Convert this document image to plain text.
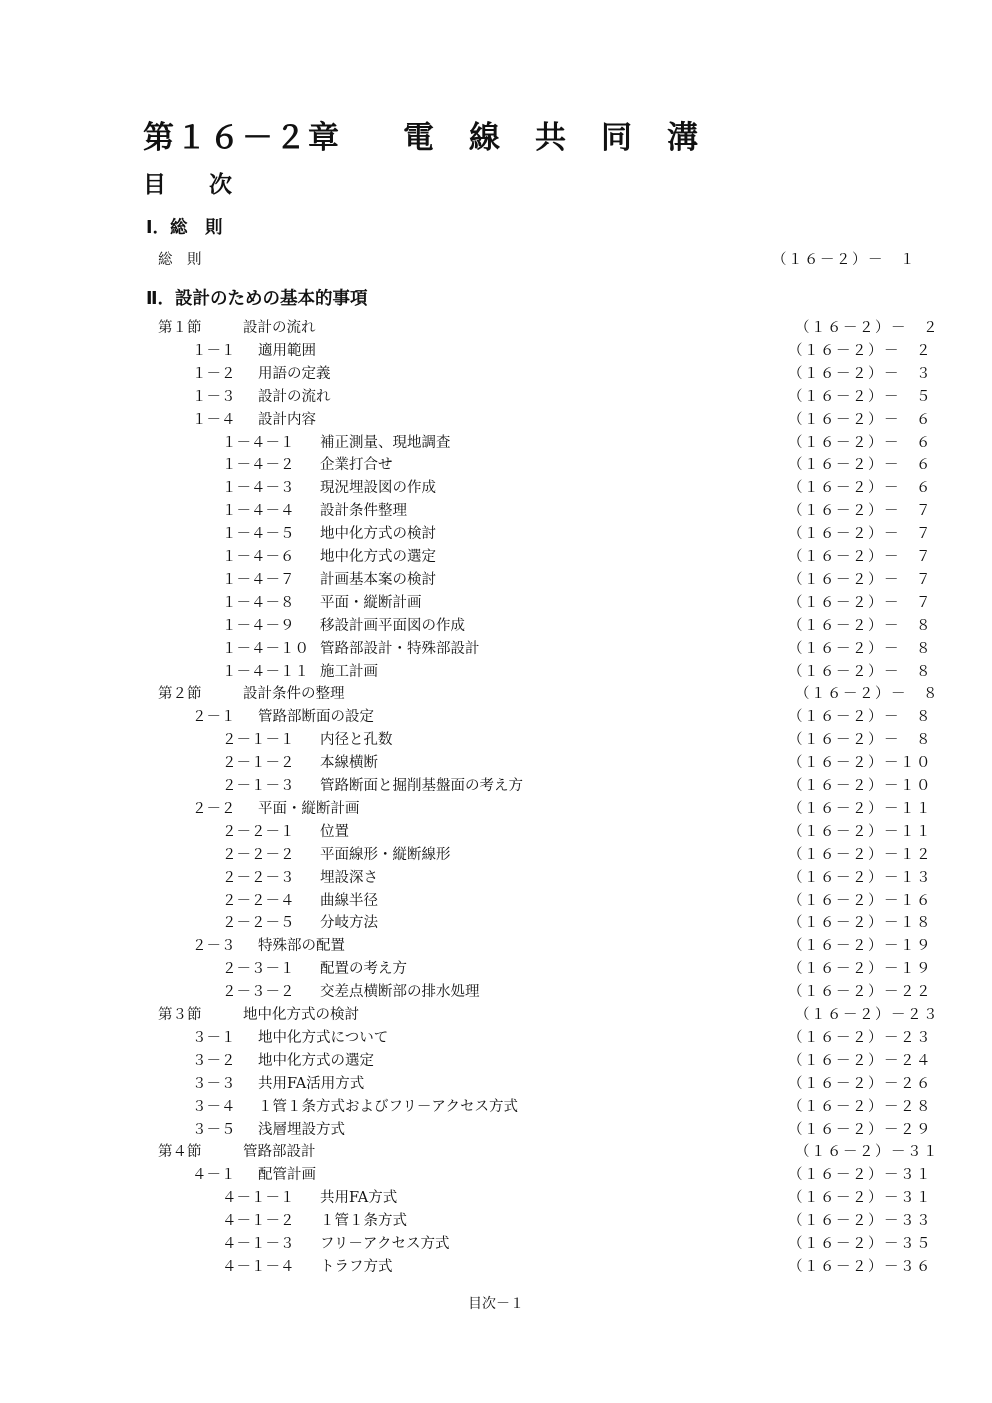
第１６－２章 電　線　共　同　溝
目　次
Ⅰ．総　則
Ⅱ．設計のための基本的事項
総　則	（１６－２）－　１
第１節	設計の流れ	（１６－２）－　２
１－１ 適用範囲	（１６－２）－　２
１－２ 用語の定義	（１６－２）－　３
１－３ 設計の流れ	（１６－２）－　５
１－４ 設計内容	（１６－２）－　６
１－４－１ 補正測量、現地調査	（１６－２）－　６
１－４－２ 企業打合せ	（１６－２）－　６
１－４－３ 現況埋設図の作成	（１６－２）－　６
１－４－４ 設計条件整理	（１６－２）－　７
１－４－５ 地中化方式の検討	（１６－２）－　７
１－４－６ 地中化方式の選定	（１６－２）－　７
１－４－７ 計画基本案の検討	（１６－２）－　７
１－４－８ 平面・縦断計画	（１６－２）－　７
１－４－９ 移設計画平面図の作成	（１６－２）－　８
１－４－１０ 管路部設計・特殊部設計	（１６－２）－　８
１－４－１１ 施工計画	（１６－２）－　８
第２節	設計条件の整理	（１６－２）－　８
２－１ 管路部断面の設定	（１６－２）－　８
２－１－１ 内径と孔数	（１６－２）－　８
２－１－２ 本線横断	（１６－２）－１０
２－１－３ 管路断面と掘削基盤面の考え方	（１６－２）－１０
２－２ 平面・縦断計画	（１６－２）－１１
２－２－１ 位置	（１６－２）－１１
２－２－２ 平面線形・縦断線形	（１６－２）－１２
２－２－３ 埋設深さ	（１６－２）－１３
２－２－４ 曲線半径	（１６－２）－１６
２－２－５ 分岐方法	（１６－２）－１８
２－３ 特殊部の配置	（１６－２）－１９
２－３－１ 配置の考え方	（１６－２）－１９
２－３－２ 交差点横断部の排水処理	（１６－２）－２２
第３節	地中化方式の検討	（１６－２）－２３
３－１ 地中化方式について	（１６－２）－２３
３－２ 地中化方式の選定	（１６－２）－２４
３－３ 共用FA活用方式	（１６－２）－２６
３－４ １管１条方式およびフリ－アクセス方式	（１６－２）－２８
３－５ 浅層埋設方式	（１６－２）－２９
第４節	管路部設計	（１６－２）－３１
４－１ 配管計画	（１６－２）－３１
４－１－１ 共用FA方式	（１６－２）－３１
４－１－２ １管１条方式	（１６－２）－３３
４－１－３ フリ－アクセス方式	（１６－２）－３５
４－１－４ トラフ方式	（１６－２）－３６
目次－１
